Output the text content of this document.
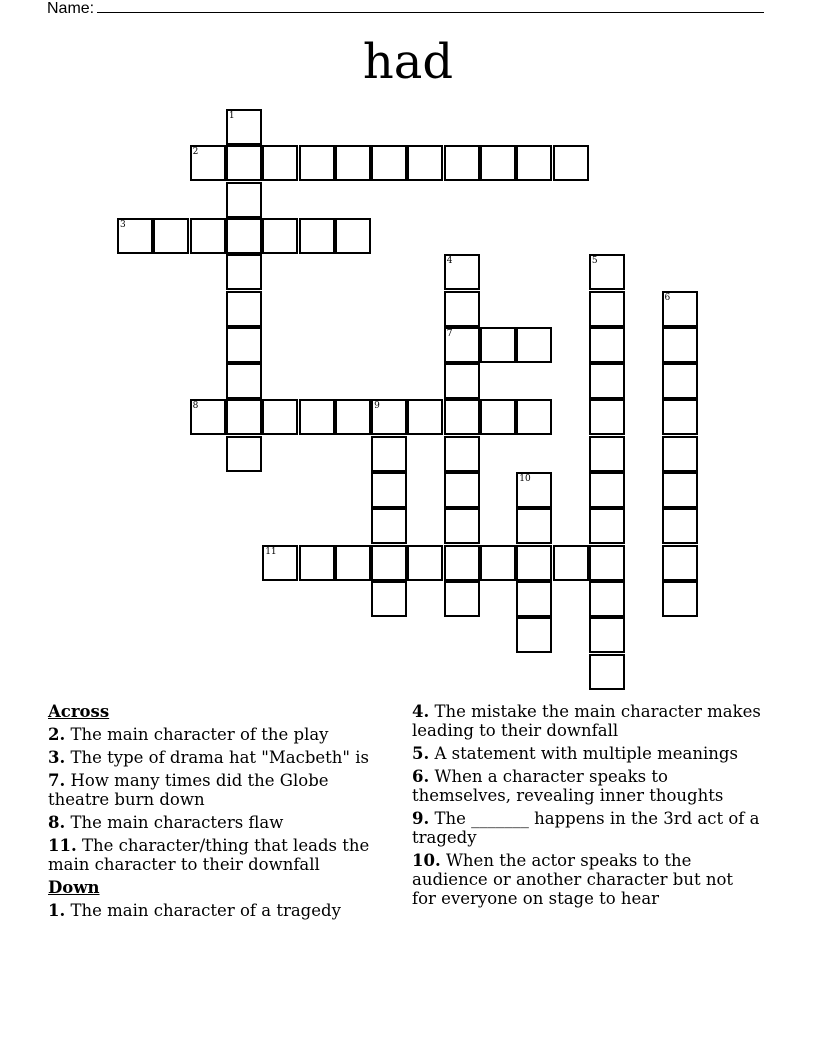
Name:
had
1
2
3
4
7
5
6
8	9
10
11
Across
2. The main character of the play
3. The type of drama hat "Macbeth" is
7. How many times did the Globe theatre burn down
8. The main characters flaw
11. The character/thing that leads the main character to their downfall
Down
1. The main character of a tragedy
4. The mistake the main character makes leading to their downfall
5. A statement with multiple meanings
6. When a character speaks to themselves, revealing inner thoughts
9. The _______ happens in the 3rd act of a tragedy
10. When the actor speaks to the audience or another character but not for everyone on stage to hear
